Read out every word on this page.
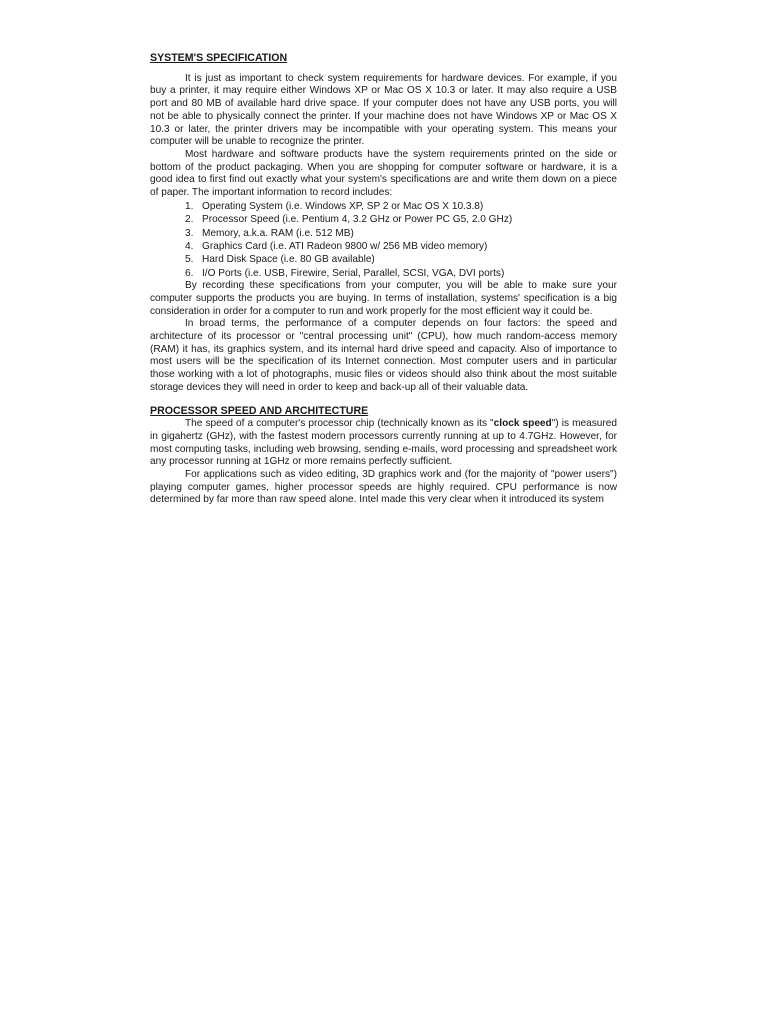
SYSTEM'S SPECIFICATION

It is just as important to check system requirements for hardware devices. For example, if you buy a printer, it may require either Windows XP or Mac OS X 10.3 or later. It may also require a USB port and 80 MB of available hard drive space. If your computer does not have any USB ports, you will not be able to physically connect the printer. If your machine does not have Windows XP or Mac OS X 10.3 or later, the printer drivers may be incompatible with your operating system. This means your computer will be unable to recognize the printer.

Most hardware and software products have the system requirements printed on the side or bottom of the product packaging. When you are shopping for computer software or hardware, it is a good idea to first find out exactly what your system's specifications are and write them down on a piece of paper. The important information to record includes:

1. Operating System (i.e. Windows XP, SP 2 or Mac OS X 10.3.8)
2. Processor Speed (i.e. Pentium 4, 3.2 GHz or Power PC G5, 2.0 GHz)
3. Memory, a.k.a. RAM (i.e. 512 MB)
4. Graphics Card (i.e. ATI Radeon 9800 w/ 256 MB video memory)
5. Hard Disk Space (i.e. 80 GB available)
6. I/O Ports (i.e. USB, Firewire, Serial, Parallel, SCSI, VGA, DVI ports)

By recording these specifications from your computer, you will be able to make sure your computer supports the products you are buying. In terms of installation, systems' specification is a big consideration in order for a computer to run and work properly for the most efficient way it could be.

In broad terms, the performance of a computer depends on four factors: the speed and architecture of its processor or "central processing unit" (CPU), how much random-access memory (RAM) it has, its graphics system, and its internal hard drive speed and capacity. Also of importance to most users will be the specification of its Internet connection. Most computer users and in particular those working with a lot of photographs, music files or videos should also think about the most suitable storage devices they will need in order to keep and back-up all of their valuable data.

PROCESSOR SPEED AND ARCHITECTURE

The speed of a computer's processor chip (technically known as its "clock speed") is measured in gigahertz (GHz), with the fastest modern processors currently running at up to 4.7GHz. However, for most computing tasks, including web browsing, sending e-mails, word processing and spreadsheet work any processor running at 1GHz or more remains perfectly sufficient.

For applications such as video editing, 3D graphics work and (for the majority of "power users") playing computer games, higher processor speeds are highly required. CPU performance is now determined by far more than raw speed alone. Intel made this very clear when it introduced its system
